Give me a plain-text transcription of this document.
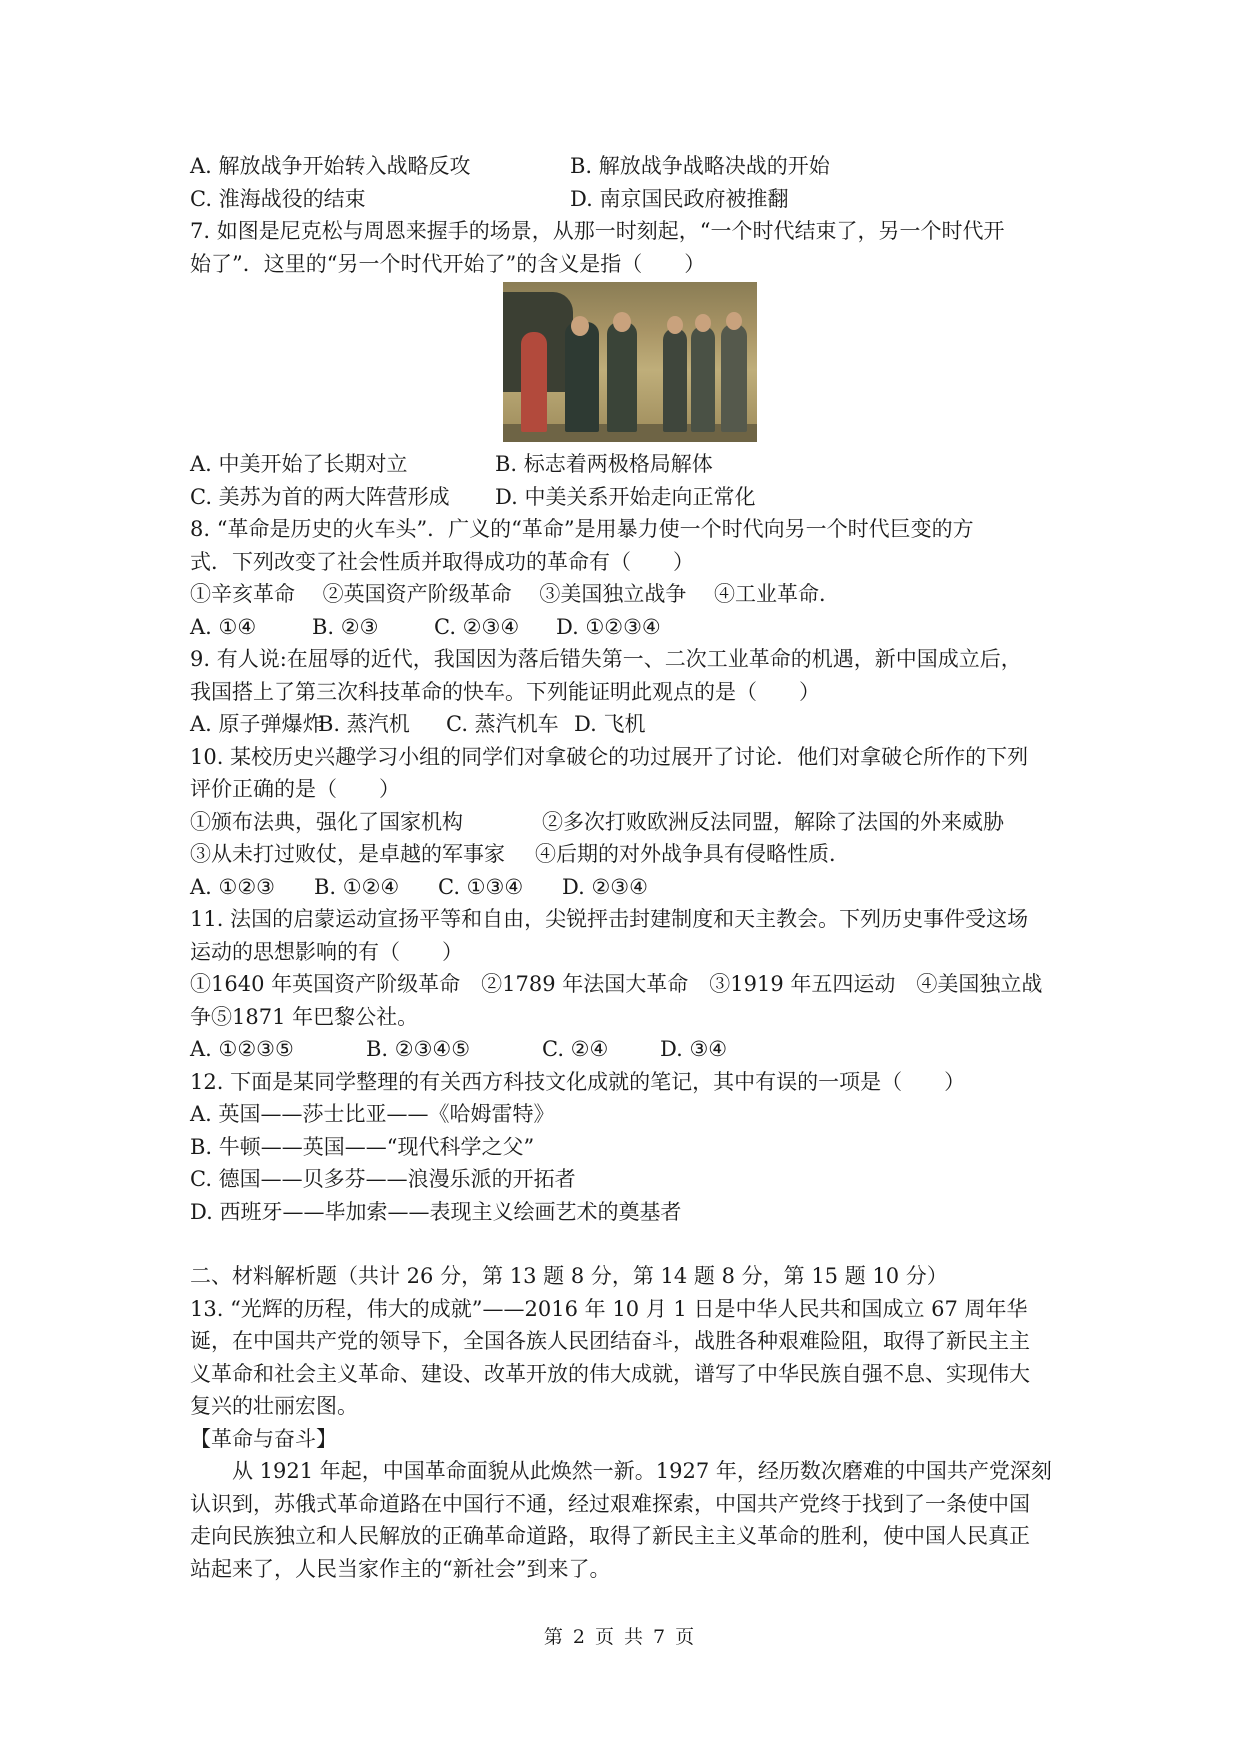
A. 解放战争开始转入战略反攻	B. 解放战争战略决战的开始
C. 淮海战役的结束	D. 南京国民政府被推翻
7. 如图是尼克松与周恩来握手的场景，从那一时刻起，“一个时代结束了，另一个时代开
始了”．这里的“另一个时代开始了”的含义是指（　　）
A. 中美开始了长期对立	B. 标志着两极格局解体
C. 美苏为首的两大阵营形成	D. 中美关系开始走向正常化
8. “革命是历史的火车头”．广义的“革命”是用暴力使一个时代向另一个时代巨变的方
式．下列改变了社会性质并取得成功的革命有（　　）
①辛亥革命　 ②英国资产阶级革命　 ③美国独立战争　 ④工业革命．
A. ①④	B. ②③	C. ②③④	D. ①②③④
9. 有人说:在屈辱的近代，我国因为落后错失第一、二次工业革命的机遇，新中国成立后，
我国搭上了第三次科技革命的快车。下列能证明此观点的是（　　）
A. 原子弹爆炸
B. 蒸汽机	C. 蒸汽机车 D. 飞机
10. 某校历史兴趣学习小组的同学们对拿破仑的功过展开了讨论．他们对拿破仑所作的下列
评价正确的是（　　）
①颁布法典，强化了国家机构	②多次打败欧洲反法同盟，解除了法国的外来威胁
③从未打过败仗，是卓越的军事家 ④后期的对外战争具有侵略性质．
A. ①②③	B. ①②④	C. ①③④	D. ②③④
11. 法国的启蒙运动宣扬平等和自由，尖锐抨击封建制度和天主教会。下列历史事件受这场
运动的思想影响的有（　　）
①1640 年英国资产阶级革命　②1789 年法国大革命　③1919 年五四运动　④美国独立战
争⑤1871 年巴黎公社。
A. ①②③⑤	B. ②③④⑤	C. ②④	D. ③④
12. 下面是某同学整理的有关西方科技文化成就的笔记，其中有误的一项是（　　）
A. 英国——莎士比亚——《哈姆雷特》
B. 牛顿——英国——“现代科学之父”
C. 德国——贝多芬——浪漫乐派的开拓者
D. 西班牙——毕加索——表现主义绘画艺术的奠基者
二、材料解析题（共计 26 分，第 13 题 8 分，第 14 题 8 分，第 15 题 10 分）
13. “光辉的历程，伟大的成就”——2016 年 10 月 1 日是中华人民共和国成立 67 周年华
诞，在中国共产党的领导下，全国各族人民团结奋斗，战胜各种艰难险阻，取得了新民主主
义革命和社会主义革命、建设、改革开放的伟大成就，谱写了中华民族自强不息、实现伟大
复兴的壮丽宏图。
【革命与奋斗】
从 1921 年起，中国革命面貌从此焕然一新。1927 年，经历数次磨难的中国共产党深刻
认识到，苏俄式革命道路在中国行不通，经过艰难探索，中国共产党终于找到了一条使中国
走向民族独立和人民解放的正确革命道路，取得了新民主主义革命的胜利，使中国人民真正
站起来了，人民当家作主的“新社会”到来了。
第 2 页 共 7 页
